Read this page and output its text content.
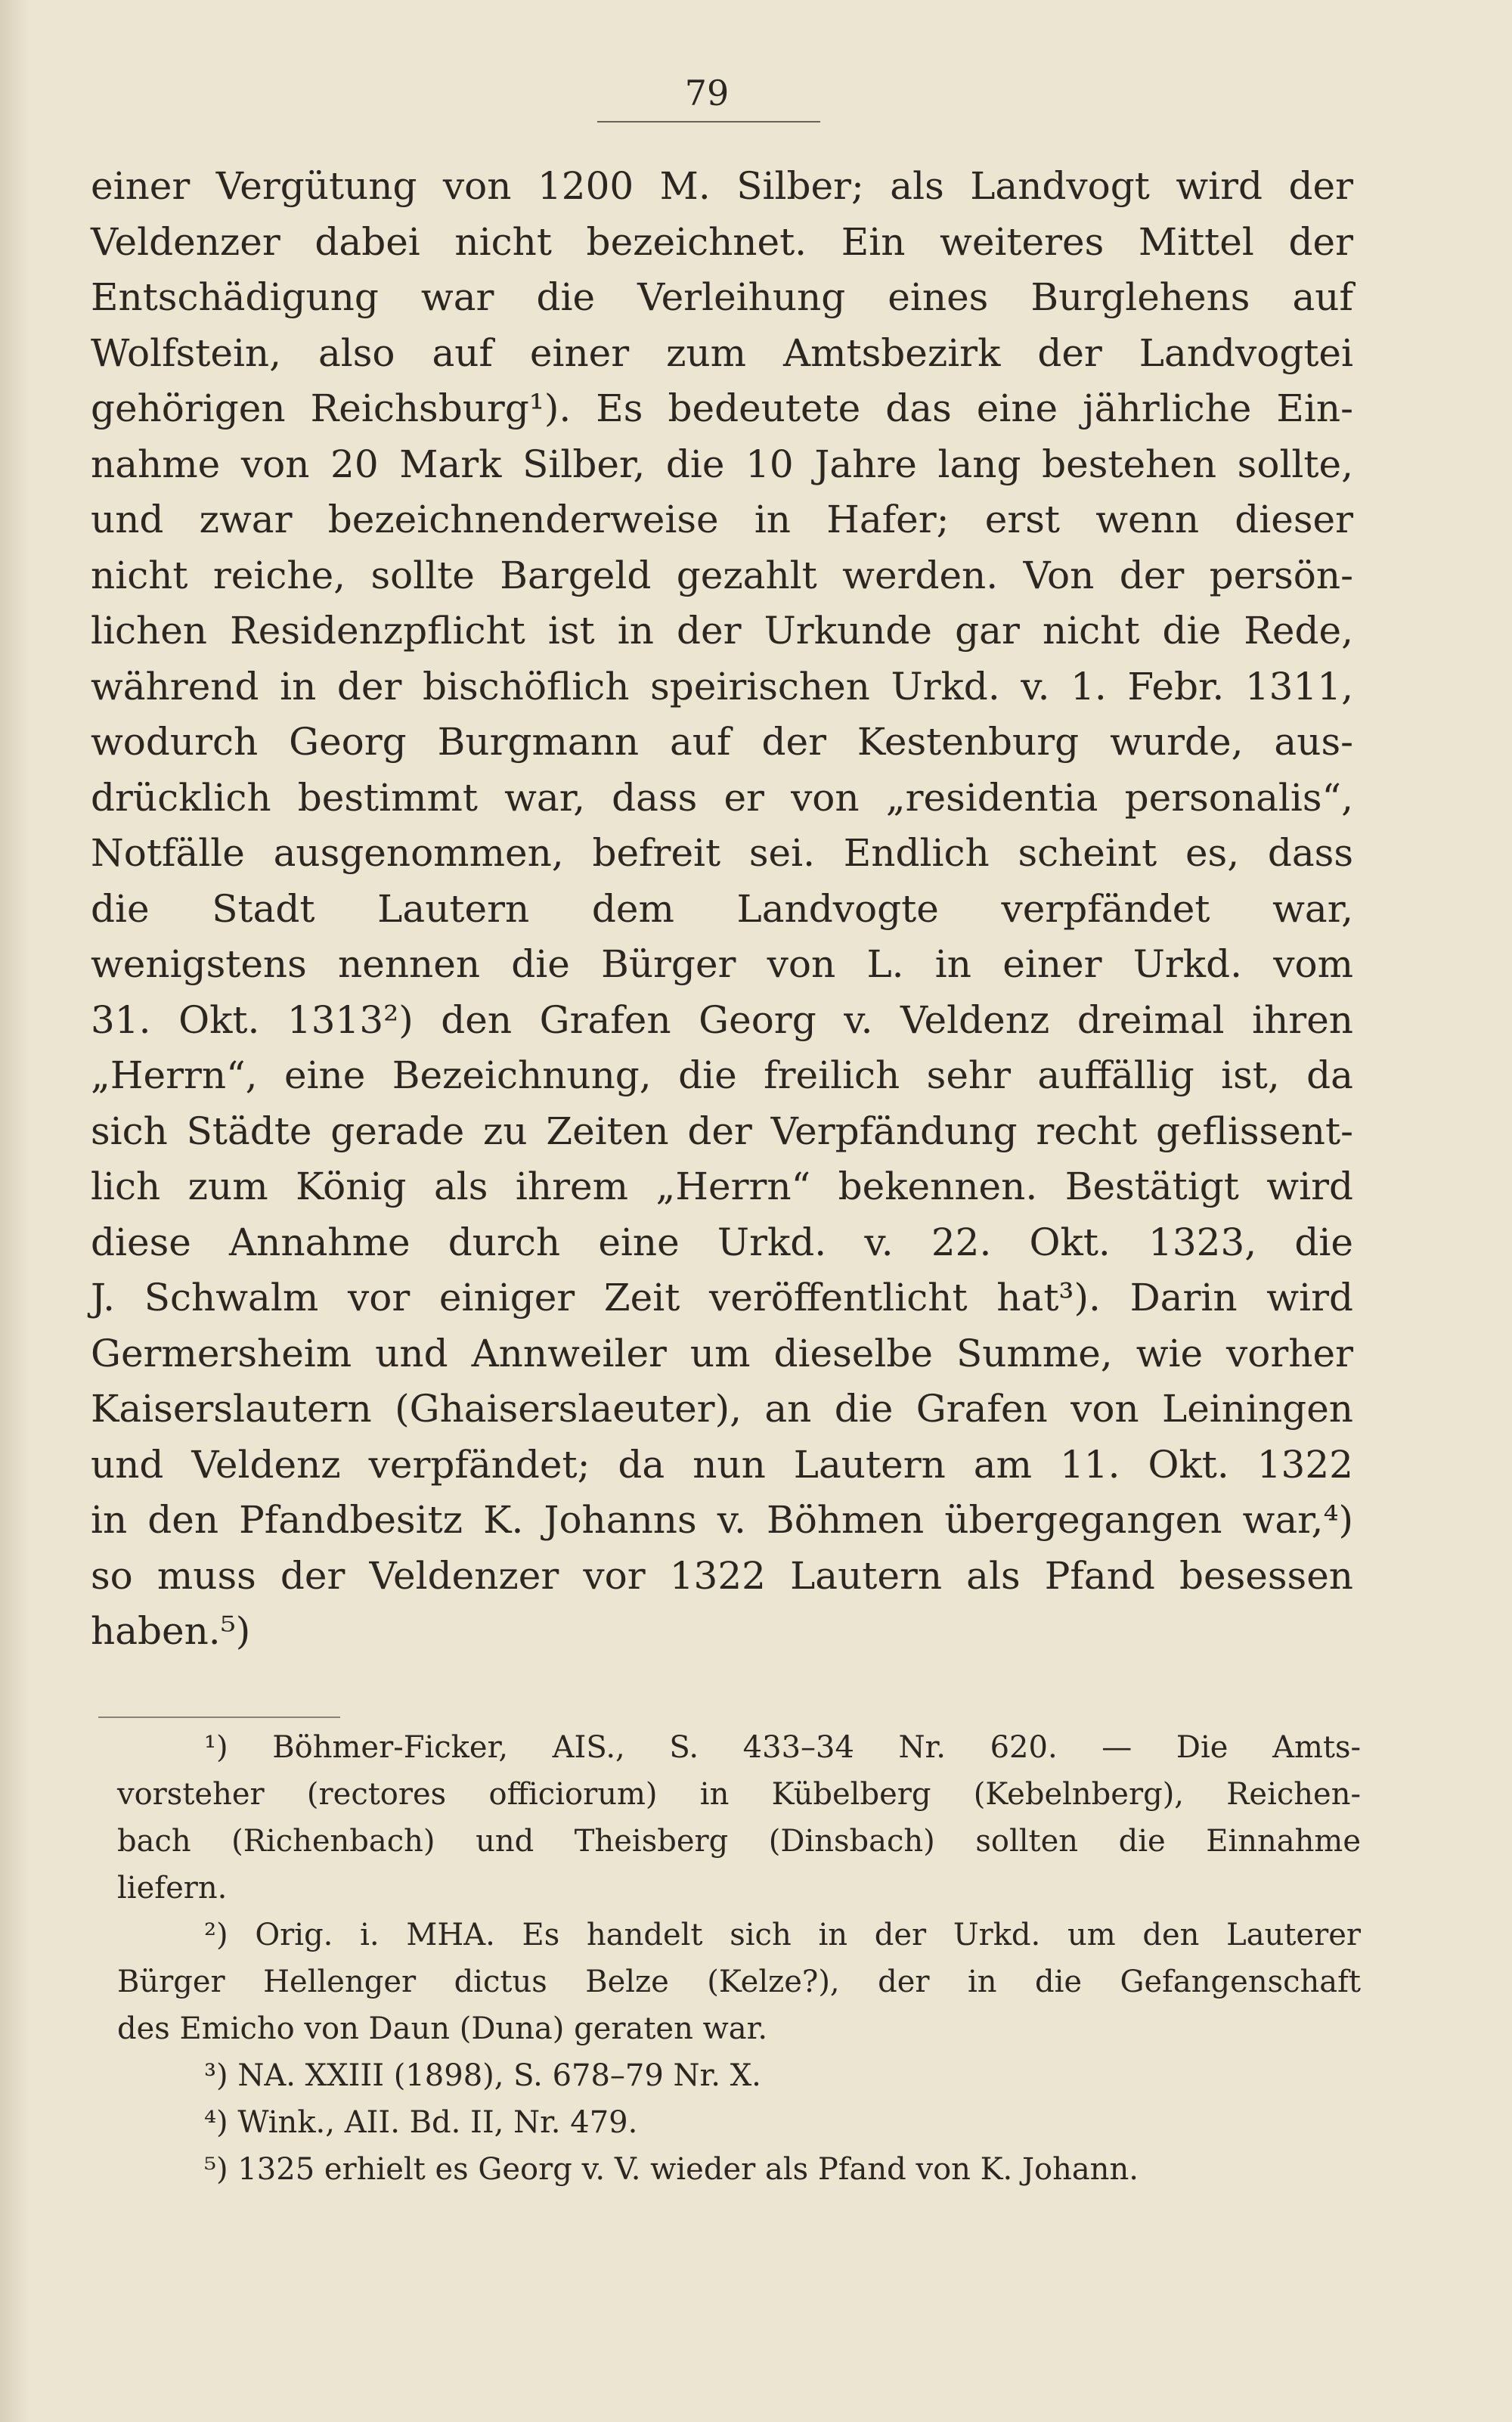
79
einer Vergütung von 1200 M. Silber; als Landvogt wird der
Veldenzer dabei nicht bezeichnet. Ein weiteres Mittel der
Entschädigung war die Verleihung eines Burglehens auf
Wolfstein, also auf einer zum Amtsbezirk der Landvogtei
gehörigen Reichsburg¹). Es bedeutete das eine jährliche Ein-
nahme von 20 Mark Silber, die 10 Jahre lang bestehen sollte,
und zwar bezeichnenderweise in Hafer; erst wenn dieser
nicht reiche, sollte Bargeld gezahlt werden. Von der persön-
lichen Residenzpflicht ist in der Urkunde gar nicht die Rede,
während in der bischöflich speirischen Urkd. v. 1. Febr. 1311,
wodurch Georg Burgmann auf der Kestenburg wurde, aus-
drücklich bestimmt war, dass er von „residentia personalis“,
Notfälle ausgenommen, befreit sei. Endlich scheint es, dass
die Stadt Lautern dem Landvogte verpfändet war,
wenigstens nennen die Bürger von L. in einer Urkd. vom
31. Okt. 1313²) den Grafen Georg v. Veldenz dreimal ihren
„Herrn“, eine Bezeichnung, die freilich sehr auffällig ist, da
sich Städte gerade zu Zeiten der Verpfändung recht geflissent-
lich zum König als ihrem „Herrn“ bekennen. Bestätigt wird
diese Annahme durch eine Urkd. v. 22. Okt. 1323, die
J. Schwalm vor einiger Zeit veröffentlicht hat³). Darin wird
Germersheim und Annweiler um dieselbe Summe, wie vorher
Kaiserslautern (Ghaiserslaeuter), an die Grafen von Leiningen
und Veldenz verpfändet; da nun Lautern am 11. Okt. 1322
in den Pfandbesitz K. Johanns v. Böhmen übergegangen war,⁴)
so muss der Veldenzer vor 1322 Lautern als Pfand besessen
haben.⁵)
¹) Böhmer-Ficker, AIS., S. 433–34 Nr. 620. — Die Amts-
vorsteher (rectores officiorum) in Kübelberg (Kebelnberg), Reichen-
bach (Richenbach) und Theisberg (Dinsbach) sollten die Einnahme
liefern.
²) Orig. i. MHA. Es handelt sich in der Urkd. um den Lauterer
Bürger Hellenger dictus Belze (Kelze?), der in die Gefangenschaft
des Emicho von Daun (Duna) geraten war.
³) NA. XXIII (1898), S. 678–79 Nr. X.
⁴) Wink., AII. Bd. II, Nr. 479.
⁵) 1325 erhielt es Georg v. V. wieder als Pfand von K. Johann.
